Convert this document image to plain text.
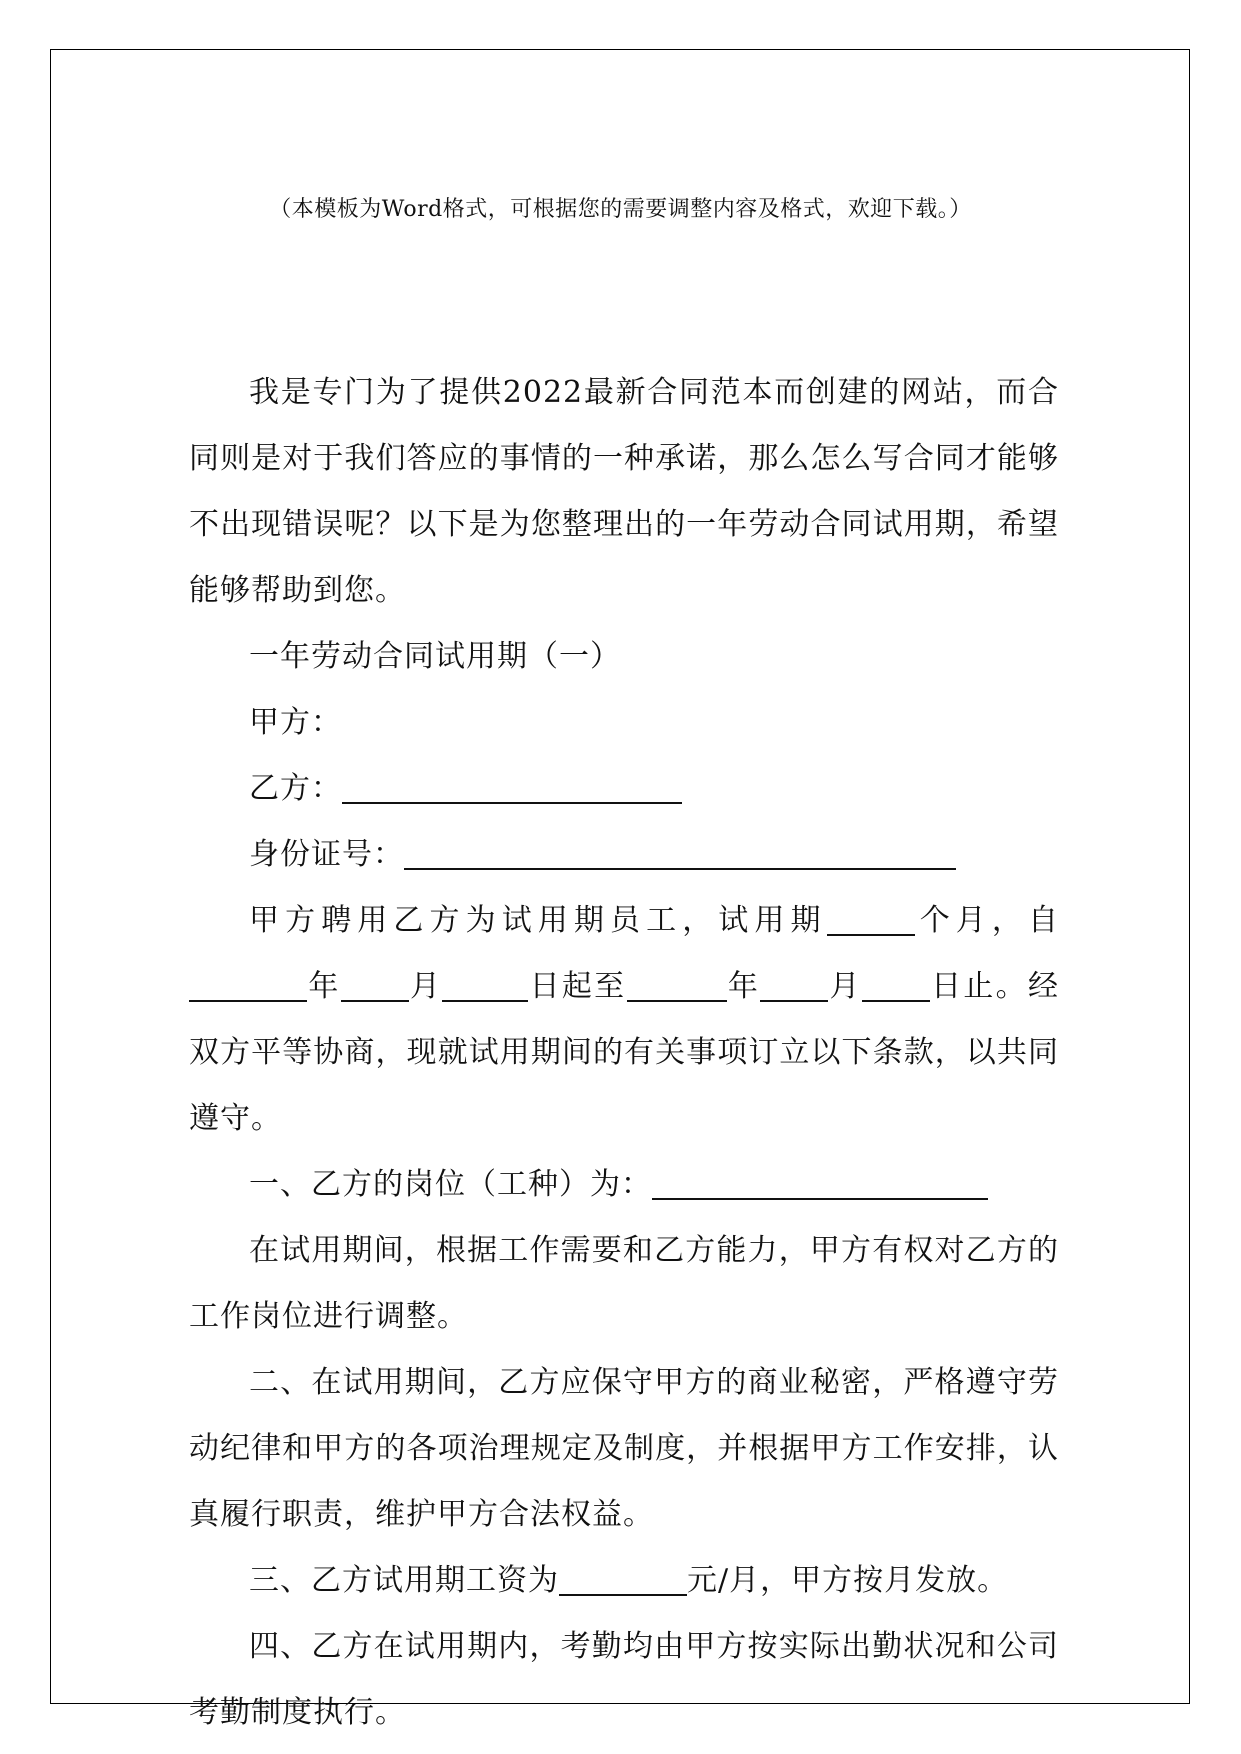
（本模板为Word格式，可根据您的需要调整内容及格式，欢迎下载。）

我是专门为了提供2022最新合同范本而创建的网站，而合同则是对于我们答应的事情的一种承诺，那么怎么写合同才能够不出现错误呢？以下是为您整理出的一年劳动合同试用期，希望能够帮助到您。

一年劳动合同试用期（一）

甲方：

乙方：

身份证号：

甲方聘用乙方为试用期员工，试用期	个月，自年 月	日起至	年 月 日止。经双方平等协商，现就试用期间的有关事项订立以下条款，以共同遵守。

一、乙方的岗位（工种）为：

在试用期间，根据工作需要和乙方能力，甲方有权对乙方的工作岗位进行调整。

二、在试用期间，乙方应保守甲方的商业秘密，严格遵守劳动纪律和甲方的各项治理规定及制度，并根据甲方工作安排，认真履行职责，维护甲方合法权益。

三、乙方试用期工资为	元/月，甲方按月发放。

四、乙方在试用期内，考勤均由甲方按实际出勤状况和公司考勤制度执行。
